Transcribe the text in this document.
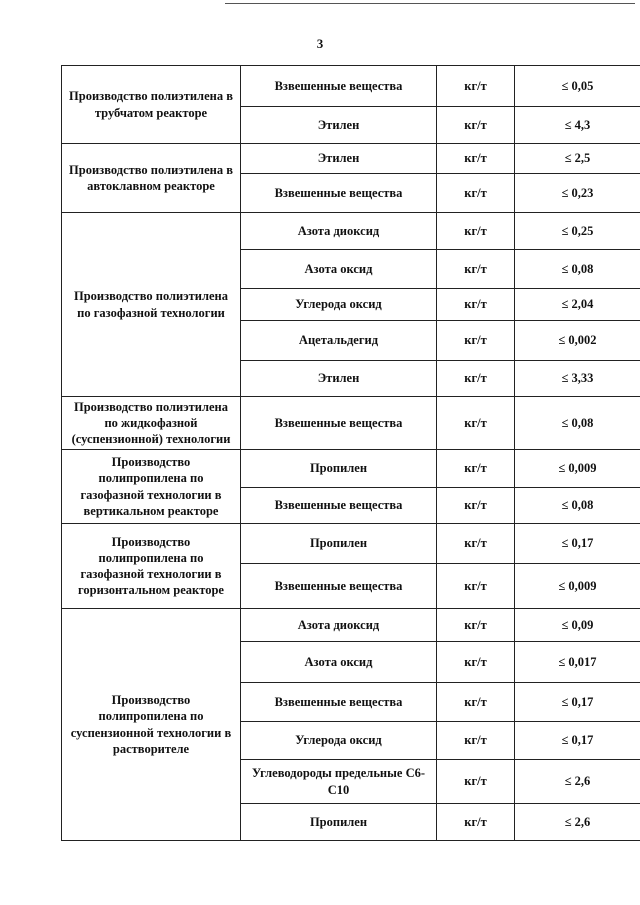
3
Производство полиэтилена в трубчатом реакторе	Взвешенные вещества	кг/т	≤ 0,05
	Этилен	кг/т	≤ 4,3
Производство полиэтилена в автоклавном реакторе	Этилен	кг/т	≤ 2,5
	Взвешенные вещества	кг/т	≤ 0,23
Производство полиэтилена по газофазной технологии	Азота диоксид	кг/т	≤ 0,25
	Азота оксид	кг/т	≤ 0,08
	Углерода оксид	кг/т	≤ 2,04
	Ацетальдегид	кг/т	≤ 0,002
	Этилен	кг/т	≤ 3,33
Производство полиэтилена по жидкофазной (суспензионной) технологии	Взвешенные вещества	кг/т	≤ 0,08
Производство полипропилена по газофазной технологии в вертикальном реакторе	Пропилен	кг/т	≤ 0,009
	Взвешенные вещества	кг/т	≤ 0,08
Производство полипропилена по газофазной технологии в горизонтальном реакторе	Пропилен	кг/т	≤ 0,17
	Взвешенные вещества	кг/т	≤ 0,009
Производство полипропилена по суспензионной технологии в растворителе	Азота диоксид	кг/т	≤ 0,09
	Азота оксид	кг/т	≤ 0,017
	Взвешенные вещества	кг/т	≤ 0,17
	Углерода оксид	кг/т	≤ 0,17
	Углеводороды предельные С6-С10	кг/т	≤ 2,6
	Пропилен	кг/т	≤ 2,6
